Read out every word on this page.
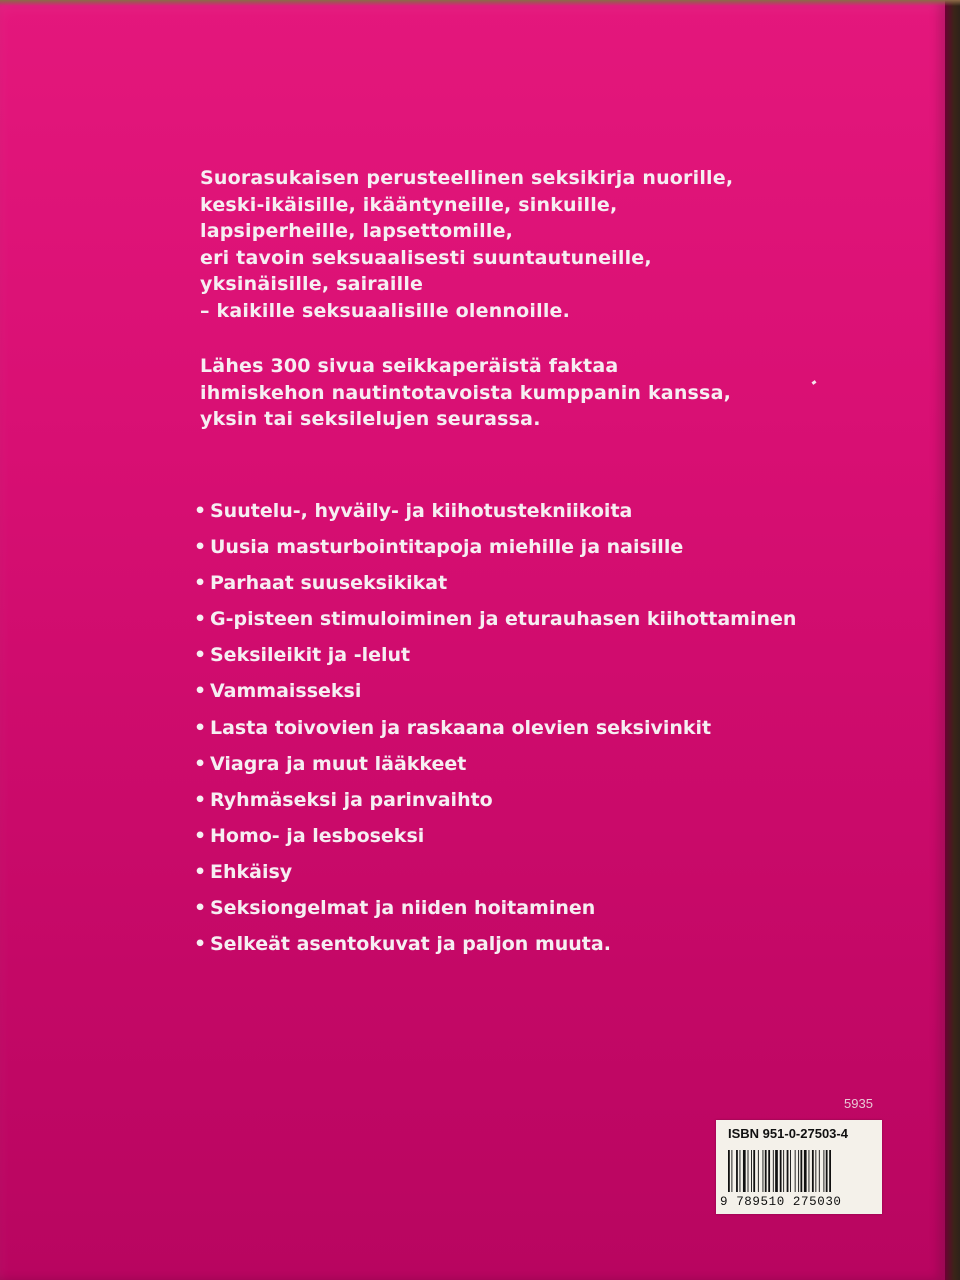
Suorasukaisen perusteellinen seksikirja nuorille,
keski-ikäisille, ikääntyneille, sinkuille,
lapsiperheille, lapsettomille,
eri tavoin seksuaalisesti suuntautuneille,
yksinäisille, sairaille
– kaikille seksuaalisille olennoille.
Lähes 300 sivua seikkaperäistä faktaa
ihmiskehon nautintotavoista kumppanin kanssa,
yksin tai seksilelujen seurassa.
• Suutelu-, hyväily- ja kiihotustekniikoita
• Uusia masturbointitapoja miehille ja naisille
• Parhaat suuseksikikat
• G-pisteen stimuloiminen ja eturauhasen kiihottaminen
• Seksileikit ja -lelut
• Vammaisseksi
• Lasta toivovien ja raskaana olevien seksivinkit
• Viagra ja muut lääkkeet
• Ryhmäseksi ja parinvaihto
• Homo- ja lesboseksi
• Ehkäisy
• Seksiongelmat ja niiden hoitaminen
• Selkeät asentokuvat ja paljon muuta.
5935
ISBN 951-0-27503-4
9 789510 275030
